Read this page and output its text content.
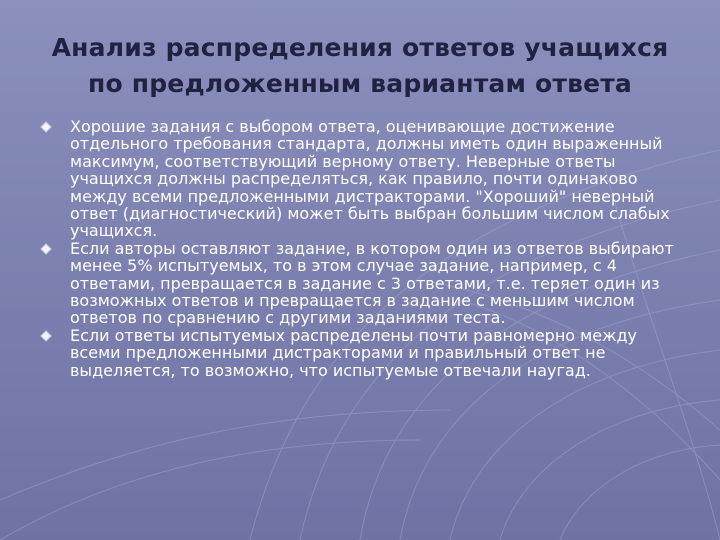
Анализ распределения ответов учащихся
по предложенным вариантам ответа
Хорошие задания с выбором ответа, оценивающие достижение отдельного требования стандарта, должны иметь один выраженный максимум, соответствующий верному ответу. Неверные ответы учащихся должны распределяться, как правило, почти одинаково между всеми предложенными дистракторами. "Хороший" неверный ответ (диагностический) может быть выбран большим числом слабых учащихся.
Если авторы оставляют задание, в котором один из ответов выбирают менее 5% испытуемых, то в этом случае задание, например, с 4 ответами, превращается в задание с 3 ответами, т.е. теряет один из возможных ответов и превращается в задание с меньшим числом ответов по сравнению с другими заданиями теста.
Если ответы испытуемых распределены почти равномерно между всеми предложенными дистракторами и правильный ответ не выделяется, то возможно, что испытуемые отвечали наугад.
